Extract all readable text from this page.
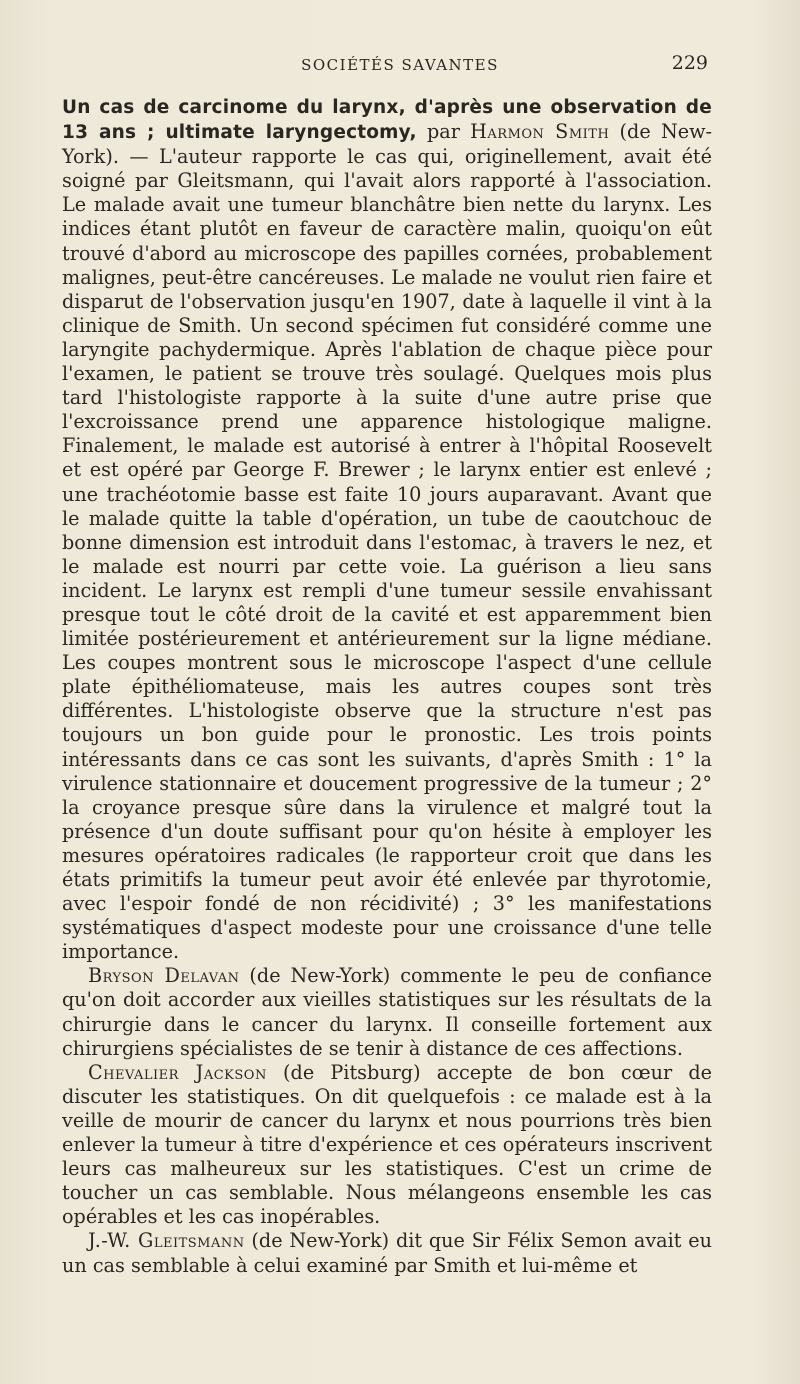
SOCIÉTÉS SAVANTES	229

Un cas de carcinome du larynx, d'après une observation de 13 ans ; ultimate laryngectomy, par Harmon Smith (de New-York). — L'auteur rapporte le cas qui, originellement, avait été soigné par Gleitsmann, qui l'avait alors rapporté à l'association. Le malade avait une tumeur blanchâtre bien nette du larynx. Les indices étant plutôt en faveur de caractère malin, quoiqu'on eût trouvé d'abord au microscope des papilles cornées, probablement malignes, peut-être cancéreuses. Le malade ne voulut rien faire et disparut de l'observation jusqu'en 1907, date à laquelle il vint à la clinique de Smith. Un second spécimen fut considéré comme une laryngite pachydermique. Après l'ablation de chaque pièce pour l'examen, le patient se trouve très soulagé. Quelques mois plus tard l'histologiste rapporte à la suite d'une autre prise que l'excroissance prend une apparence histologique maligne. Finalement, le malade est autorisé à entrer à l'hôpital Roosevelt et est opéré par George F. Brewer ; le larynx entier est enlevé ; une trachéotomie basse est faite 10 jours auparavant. Avant que le malade quitte la table d'opération, un tube de caoutchouc de bonne dimension est introduit dans l'estomac, à travers le nez, et le malade est nourri par cette voie. La guérison a lieu sans incident. Le larynx est rempli d'une tumeur sessile envahissant presque tout le côté droit de la cavité et est apparemment bien limitée postérieurement et antérieurement sur la ligne médiane. Les coupes montrent sous le microscope l'aspect d'une cellule plate épithéliomateuse, mais les autres coupes sont très différentes. L'histologiste observe que la structure n'est pas toujours un bon guide pour le pronostic. Les trois points intéressants dans ce cas sont les suivants, d'après Smith : 1° la virulence stationnaire et doucement progressive de la tumeur ; 2° la croyance presque sûre dans la virulence et malgré tout la présence d'un doute suffisant pour qu'on hésite à employer les mesures opératoires radicales (le rapporteur croit que dans les états primitifs la tumeur peut avoir été enlevée par thyrotomie, avec l'espoir fondé de non récidivité) ; 3° les manifestations systématiques d'aspect modeste pour une croissance d'une telle importance.

Bryson Delavan (de New-York) commente le peu de confiance qu'on doit accorder aux vieilles statistiques sur les résultats de la chirurgie dans le cancer du larynx. Il conseille fortement aux chirurgiens spécialistes de se tenir à distance de ces affections.

Chevalier Jackson (de Pitsburg) accepte de bon cœur de discuter les statistiques. On dit quelquefois : ce malade est à la veille de mourir de cancer du larynx et nous pourrions très bien enlever la tumeur à titre d'expérience et ces opérateurs inscrivent leurs cas malheureux sur les statistiques. C'est un crime de toucher un cas semblable. Nous mélangeons ensemble les cas opérables et les cas inopérables.

J.-W. Gleitsmann (de New-York) dit que Sir Félix Semon avait eu un cas semblable à celui examiné par Smith et lui-même et
